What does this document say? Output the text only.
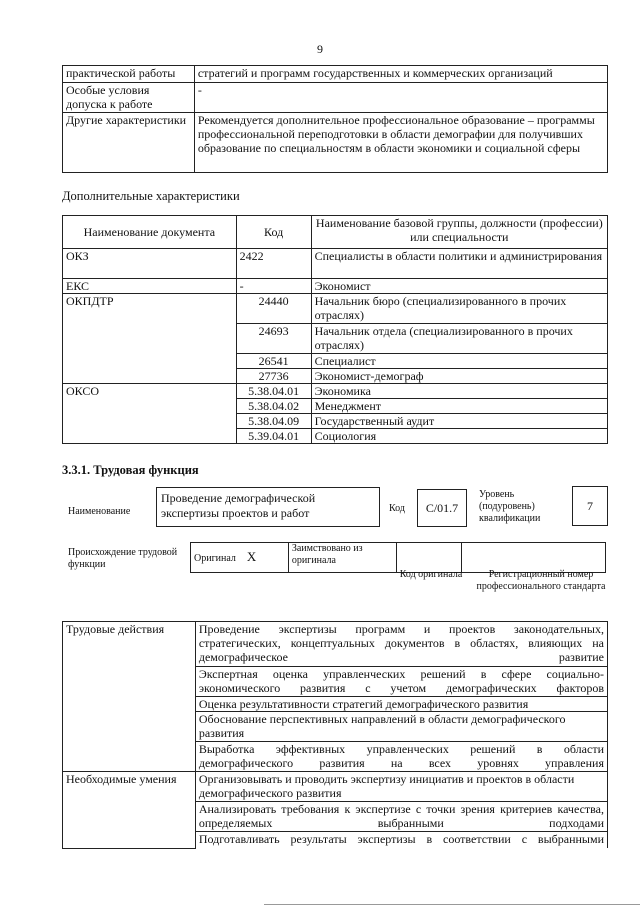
9
практической работы	стратегий и программ государственных и коммерческих организаций
Особые условия допуска к работе	-
Другие характеристики	Рекомендуется дополнительное профессиональное образование – программы профессиональной переподготовки в области демографии для получивших образование по специальностям в области экономики и социальной сферы
Дополнительные характеристики
Наименование документа	Код	Наименование базовой группы, должности (профессии) или специальности
ОКЗ	2422	Специалисты в области политики и администрирования
ЕКС	-	Экономист
ОКПДТР	24440	Начальник бюро (специализированного в прочих отраслях)
	24693	Начальник отдела (специализированного в прочих отраслях)
	26541	Специалист
	27736	Экономист-демограф
ОКСО	5.38.04.01	Экономика
	5.38.04.02	Менеджмент
	5.38.04.09	Государственный аудит
	5.39.04.01	Социология
3.3.1. Трудовая функция
Наименование
Проведение демографической экспертизы проектов и работ	Код	C/01.7
Уровень (подуровень) квалификации
7
Происхождение трудовой функции
Оригинал X	Заимствовано из оригинала		
Код оригинала	Регистрационный номер профессионального стандарта
Трудовые действия	Проведение экспертизы программ и проектов законодательных, стратегических, концептуальных документов в областях, влияющих на демографическое развитие
	Экспертная оценка управленческих решений в сфере социально-экономического развития с учетом демографических факторов
	Оценка результативности стратегий демографического развития
	Обоснование перспективных направлений в области демографического развития
	Выработка эффективных управленческих решений в области демографического развития на всех уровнях управления
Необходимые умения	Организовывать и проводить экспертизу инициатив и проектов в области демографического развития
	Анализировать требования к экспертизе с точки зрения критериев качества, определяемых выбранными подходами
	Подготавливать результаты экспертизы в соответствии с выбранными
